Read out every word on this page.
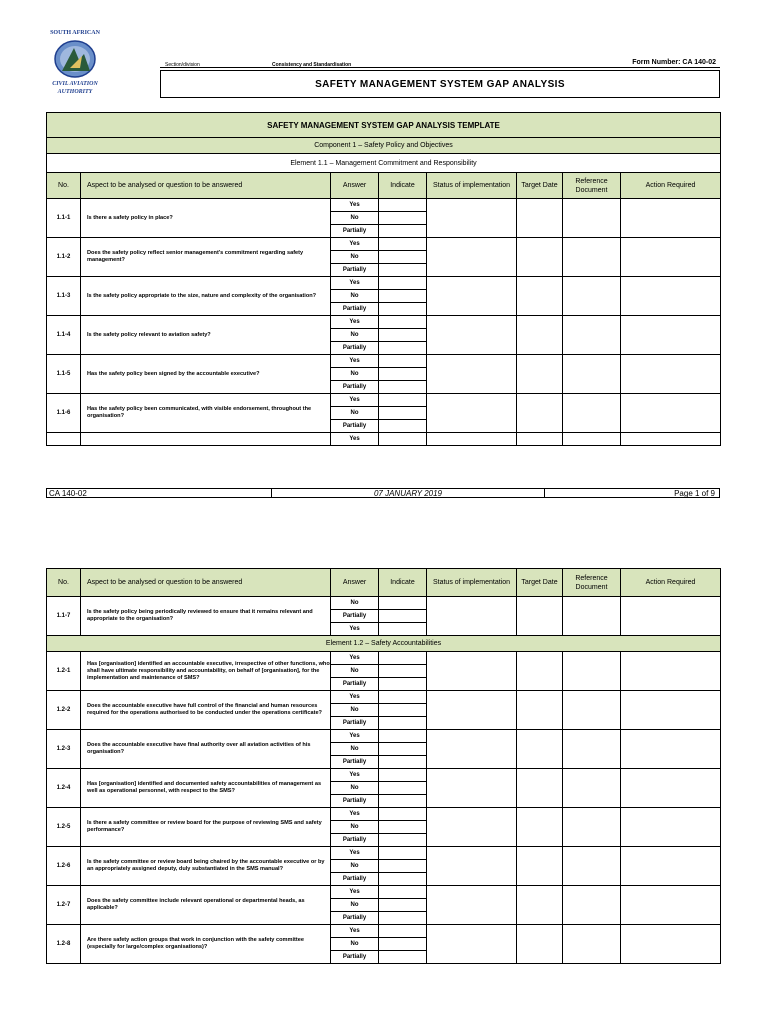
SOUTH AFRICAN
CIVIL AVIATION
AUTHORITY
Section/division	Consistency and Standardisation	Form Number: CA 140-02
SAFETY MANAGEMENT SYSTEM GAP ANALYSIS
SAFETY MANAGEMENT SYSTEM GAP ANALYSIS TEMPLATE							
Component 1 – Safety Policy and Objectives							
Element 1.1 – Management Commitment and Responsibility							
No.	Aspect to be analysed or question to be answered	Answer	Indicate	Status of implementation	Target Date	Reference Document	Action Required
1.1-1	Is there a safety policy in place?	Yes					
		No					
		Partially					
1.1-2	Does the safety policy reflect senior management's commitment regarding safety management?	Yes					
		No					
		Partially					
1.1-3	Is the safety policy appropriate to the size, nature and complexity of the organisation?	Yes					
		No					
		Partially					
1.1-4	Is the safety policy relevant to aviation safety?	Yes					
		No					
		Partially					
1.1-5	Has the safety policy been signed by the accountable executive?	Yes					
		No					
		Partially					
1.1-6	Has the safety policy been communicated, with visible endorsement, throughout the organisation?	Yes					
		No					
		Partially					
		Yes					
CA 140-02	07 JANUARY 2019	Page 1 of 9
No.	Aspect to be analysed or question to be answered	Answer	Indicate	Status of implementation	Target Date	Reference Document	Action Required
1.1-7	Is the safety policy being periodically reviewed to ensure that it remains relevant and appropriate to the organisation?	No					
		Partially					
		Yes					
Element 1.2 – Safety Accountabilities							
1.2-1	Has [organisation] identified an accountable executive, irrespective of other functions, who shall have ultimate responsibility and accountability, on behalf of [organisation], for the implementation and maintenance of SMS?	Yes					
		No					
		Partially					
1.2-2	Does the accountable executive have full control of the financial and human resources required for the operations authorised to be conducted under the operations certificate?	Yes					
		No					
		Partially					
1.2-3	Does the accountable executive have final authority over all aviation activities of his organisation?	Yes					
		No					
		Partially					
1.2-4	Has [organisation] identified and documented safety accountabilities of management as well as operational personnel, with respect to the SMS?	Yes					
		No					
		Partially					
1.2-5	Is there a safety committee or review board for the purpose of reviewing SMS and safety performance?	Yes					
		No					
		Partially					
1.2-6	Is the safety committee or review board being chaired by the accountable executive or by an appropriately assigned deputy, duly substantiated in the SMS manual?	Yes					
		No					
		Partially					
1.2-7	Does the safety committee include relevant operational or departmental heads, as applicable?	Yes					
		No					
		Partially					
1.2-8	Are there safety action groups that work in conjunction with the safety committee (especially for large/complex organisations)?	Yes					
		No					
		Partially					
